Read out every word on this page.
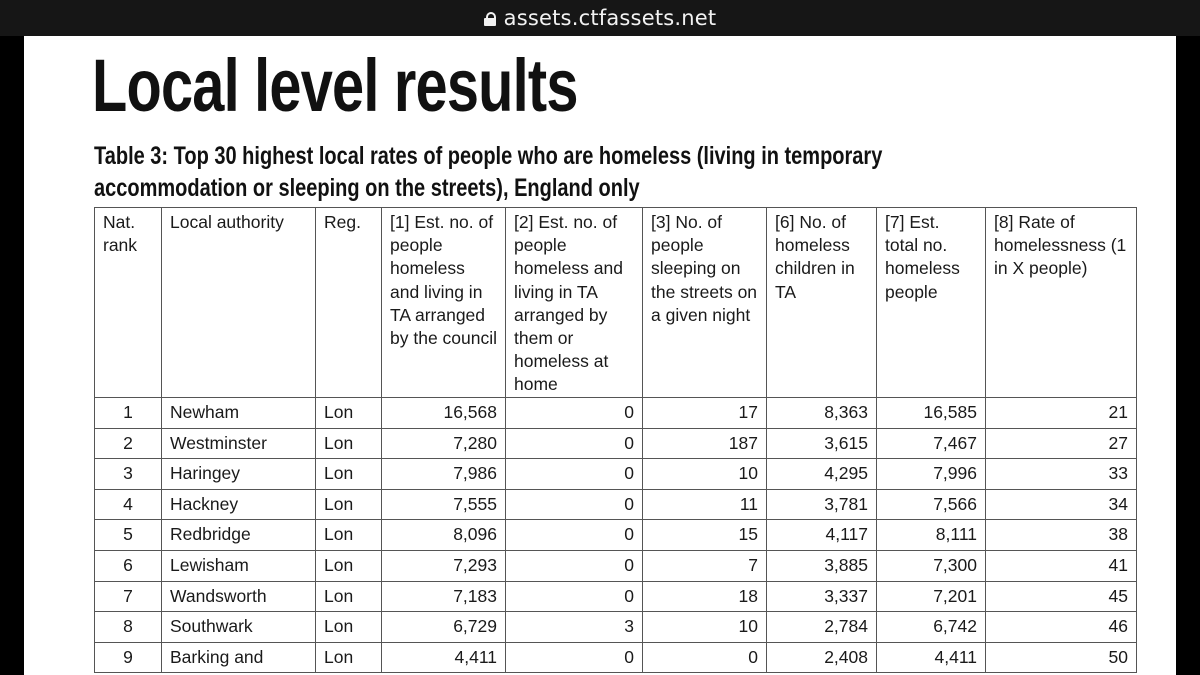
assets.ctfassets.net
Local level results
Table 3: Top 30 highest local rates of people who are homeless (living in temporary accommodation or sleeping on the streets), England only
Nat. rank	Local authority	Reg.	[1] Est. no. of people homeless and living in TA arranged by the council	[2] Est. no. of people homeless and living in TA arranged by them or homeless at home	[3] No. of people sleeping on the streets on a given night	[6] No. of homeless children in TA	[7] Est. total no. homeless people	[8] Rate of homelessness (1 in X people)
1	Newham	Lon	16,568	0	17	8,363	16,585	21
2	Westminster	Lon	7,280	0	187	3,615	7,467	27
3	Haringey	Lon	7,986	0	10	4,295	7,996	33
4	Hackney	Lon	7,555	0	11	3,781	7,566	34
5	Redbridge	Lon	8,096	0	15	4,117	8,111	38
6	Lewisham	Lon	7,293	0	7	3,885	7,300	41
7	Wandsworth	Lon	7,183	0	18	3,337	7,201	45
8	Southwark	Lon	6,729	3	10	2,784	6,742	46
9	Barking and	Lon	4,411	0	0	2,408	4,411	50
